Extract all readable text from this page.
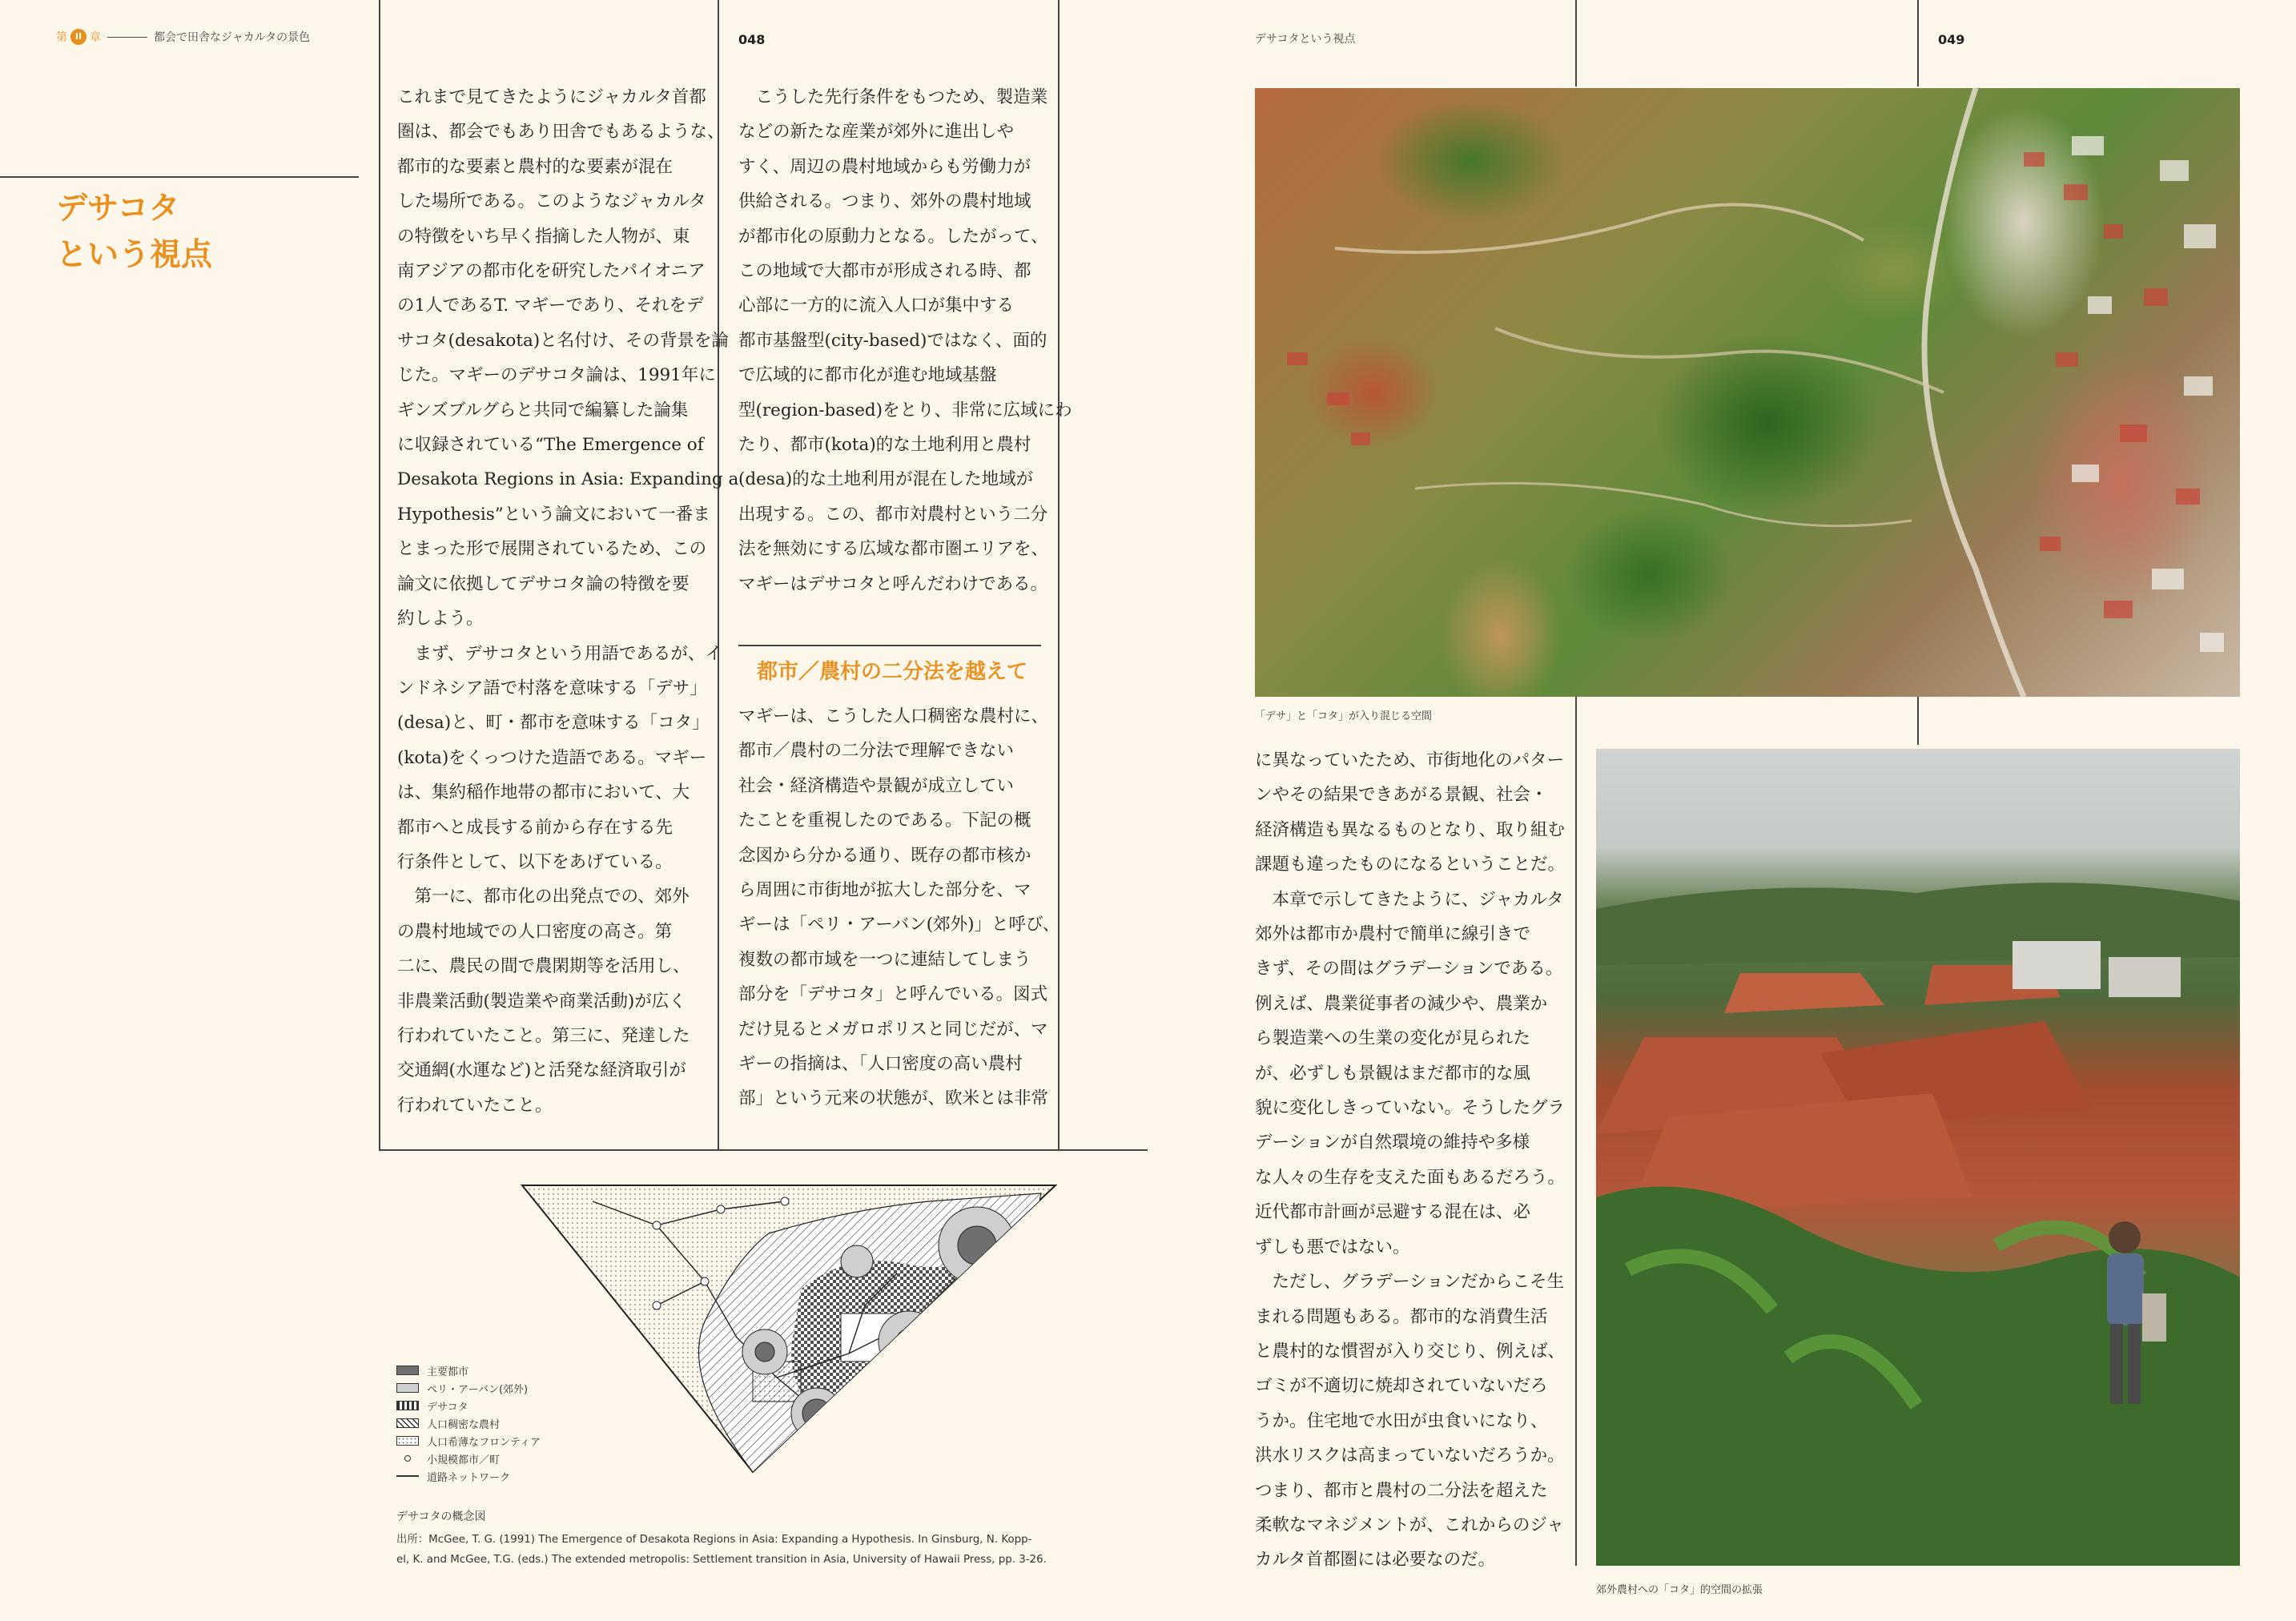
第 II 章	都会で田舎なジャカルタの景色	048
デサコタ
という視点

これまで見てきたようにジャカルタ首都

圏は、都会でもあり田舎でもあるような、

都市的な要素と農村的な要素が混在

した場所である。このようなジャカルタ

の特徴をいち早く指摘した人物が、東

南アジアの都市化を研究したパイオニア

の1人であるT. マギーであり、それをデ

サコタ(desakota)と名付け、その背景を論

じた。マギーのデサコタ論は、1991年に

ギンズブルグらと共同で編纂した論集

に収録されている“The Emergence of

Desakota Regions in Asia: Expanding a

Hypothesis”という論文において一番ま

とまった形で展開されているため、この

論文に依拠してデサコタ論の特徴を要

約しよう。

　まず、デサコタという用語であるが、イ

ンドネシア語で村落を意味する「デサ」

(desa)と、町・都市を意味する「コタ」

(kota)をくっつけた造語である。マギー

は、集約稲作地帯の都市において、大

都市へと成長する前から存在する先

行条件として、以下をあげている。

　第一に、都市化の出発点での、郊外

の農村地域での人口密度の高さ。第

二に、農民の間で農閑期等を活用し、

非農業活動(製造業や商業活動)が広く

行われていたこと。第三に、発達した

交通網(水運など)と活発な経済取引が

行われていたこと。

　こうした先行条件をもつため、製造業

などの新たな産業が郊外に進出しや

すく、周辺の農村地域からも労働力が

供給される。つまり、郊外の農村地域

が都市化の原動力となる。したがって、

この地域で大都市が形成される時、都

心部に一方的に流入人口が集中する

都市基盤型(city-based)ではなく、面的

で広域的に都市化が進む地域基盤

型(region-based)をとり、非常に広域にわ

たり、都市(kota)的な土地利用と農村

(desa)的な土地利用が混在した地域が

出現する。この、都市対農村という二分

法を無効にする広域な都市圏エリアを、

マギーはデサコタと呼んだわけである。

都市／農村の二分法を越えて

マギーは、こうした人口稠密な農村に、

都市／農村の二分法で理解できない

社会・経済構造や景観が成立してい

たことを重視したのである。下記の概

念図から分かる通り、既存の都市核か

ら周囲に市街地が拡大した部分を、マ

ギーは「ペリ・アーバン(郊外)」と呼び、

複数の都市域を一つに連結してしまう

部分を「デサコタ」と呼んでいる。図式

だけ見るとメガロポリスと同じだが、マ

ギーの指摘は、「人口密度の高い農村

部」という元来の状態が、欧米とは非常

主要都市
ペリ・アーバン(郊外)
デサコタ
人口稠密な農村
人口希薄なフロンティア
小規模都市／町
道路ネットワーク
デサコタの概念図
出所：McGee, T. G. (1991) The Emergence of Desakota Regions in Asia: Expanding a Hypothesis. In Ginsburg, N. Kopp-
el, K. and McGee, T.G. (eds.) The extended metropolis: Settlement transition in Asia, University of Hawaii Press, pp. 3-26.
デサコタという視点	049
「デサ」と「コタ」が入り混じる空間

に異なっていたため、市街地化のパター

ンやその結果できあがる景観、社会・

経済構造も異なるものとなり、取り組む

課題も違ったものになるということだ。

　本章で示してきたように、ジャカルタ

郊外は都市か農村で簡単に線引きで

きず、その間はグラデーションである。

例えば、農業従事者の減少や、農業か

ら製造業への生業の変化が見られた

が、必ずしも景観はまだ都市的な風

貌に変化しきっていない。そうしたグラ

デーションが自然環境の維持や多様

な人々の生存を支えた面もあるだろう。

近代都市計画が忌避する混在は、必

ずしも悪ではない。

　ただし、グラデーションだからこそ生

まれる問題もある。都市的な消費生活

と農村的な慣習が入り交じり、例えば、

ゴミが不適切に焼却されていないだろ

うか。住宅地で水田が虫食いになり、

洪水リスクは高まっていないだろうか。

つまり、都市と農村の二分法を超えた

柔軟なマネジメントが、これからのジャ

カルタ首都圏には必要なのだ。

郊外農村への「コタ」的空間の拡張
